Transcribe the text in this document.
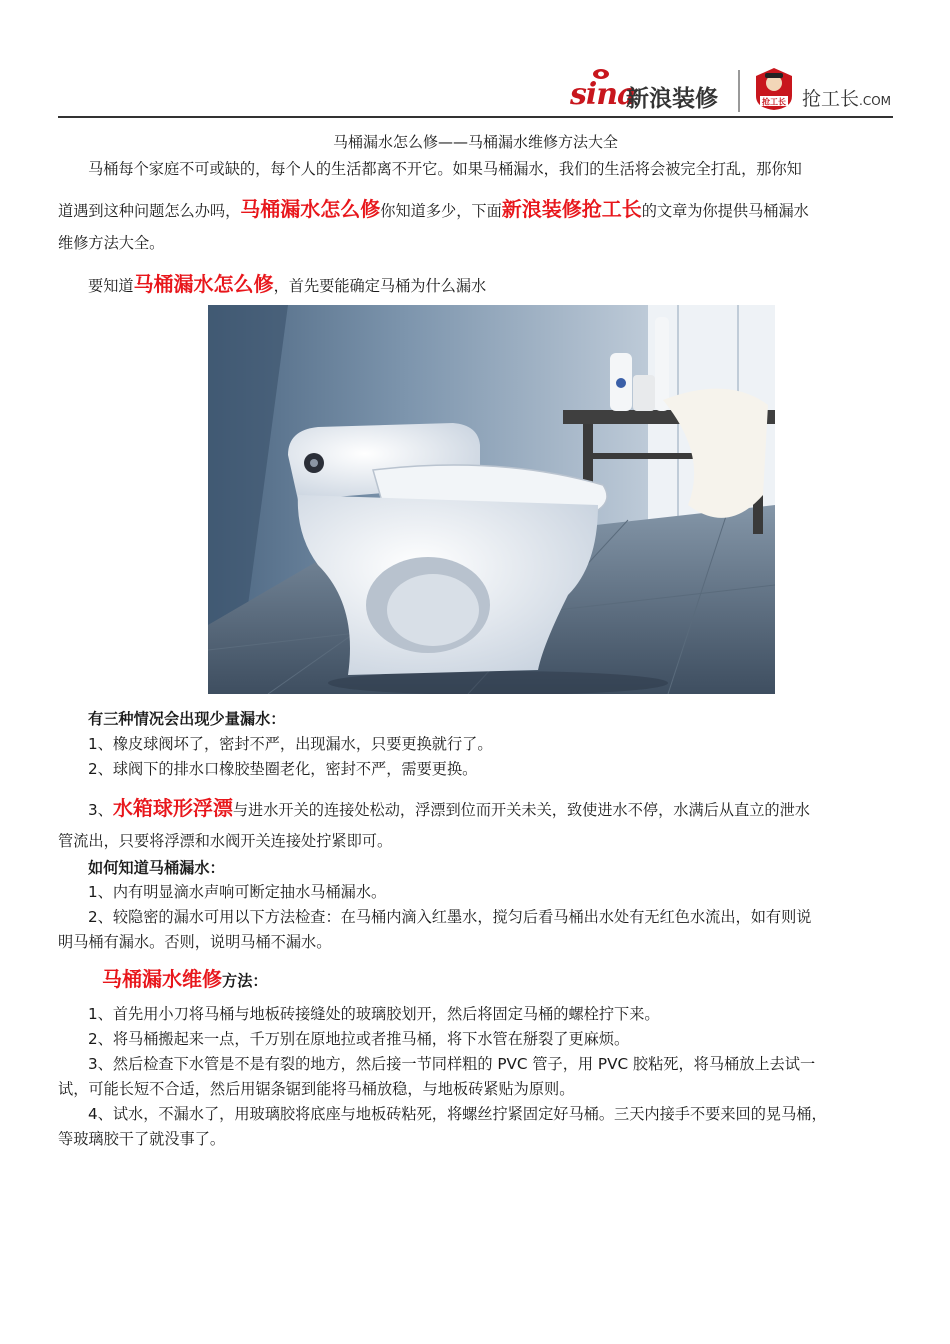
sina
新浪装修	抢工长 抢工长.COM
马桶漏水怎么修——马桶漏水维修方法大全

马桶每个家庭不可或缺的，每个人的生活都离不开它。如果马桶漏水，我们的生活将会被完全打乱，那你知

道遇到这种问题怎么办吗，马桶漏水怎么修你知道多少，下面新浪装修抢工长的文章为你提供马桶漏水

维修方法大全。

要知道马桶漏水怎么修，首先要能确定马桶为什么漏水

有三种情况会出现少量漏水：

1、橡皮球阀坏了，密封不严，出现漏水，只要更换就行了。

2、球阀下的排水口橡胶垫圈老化，密封不严，需要更换。

3、水箱球形浮漂与进水开关的连接处松动，浮漂到位而开关未关，致使进水不停，水满后从直立的泄水

管流出，只要将浮漂和水阀开关连接处拧紧即可。

如何知道马桶漏水：

1、内有明显滴水声响可断定抽水马桶漏水。

2、较隐密的漏水可用以下方法检查：在马桶内滴入红墨水，搅匀后看马桶出水处有无红色水流出，如有则说

明马桶有漏水。否则，说明马桶不漏水。

马桶漏水维修方法：

1、首先用小刀将马桶与地板砖接缝处的玻璃胶划开，然后将固定马桶的螺栓拧下来。

2、将马桶搬起来一点，千万别在原地拉或者推马桶，将下水管在掰裂了更麻烦。

3、然后检查下水管是不是有裂的地方，然后接一节同样粗的 PVC 管子，用 PVC 胶粘死，将马桶放上去试一

试，可能长短不合适，然后用锯条锯到能将马桶放稳，与地板砖紧贴为原则。

4、试水，不漏水了，用玻璃胶将底座与地板砖粘死，将螺丝拧紧固定好马桶。三天内接手不要来回的晃马桶，

等玻璃胶干了就没事了。
